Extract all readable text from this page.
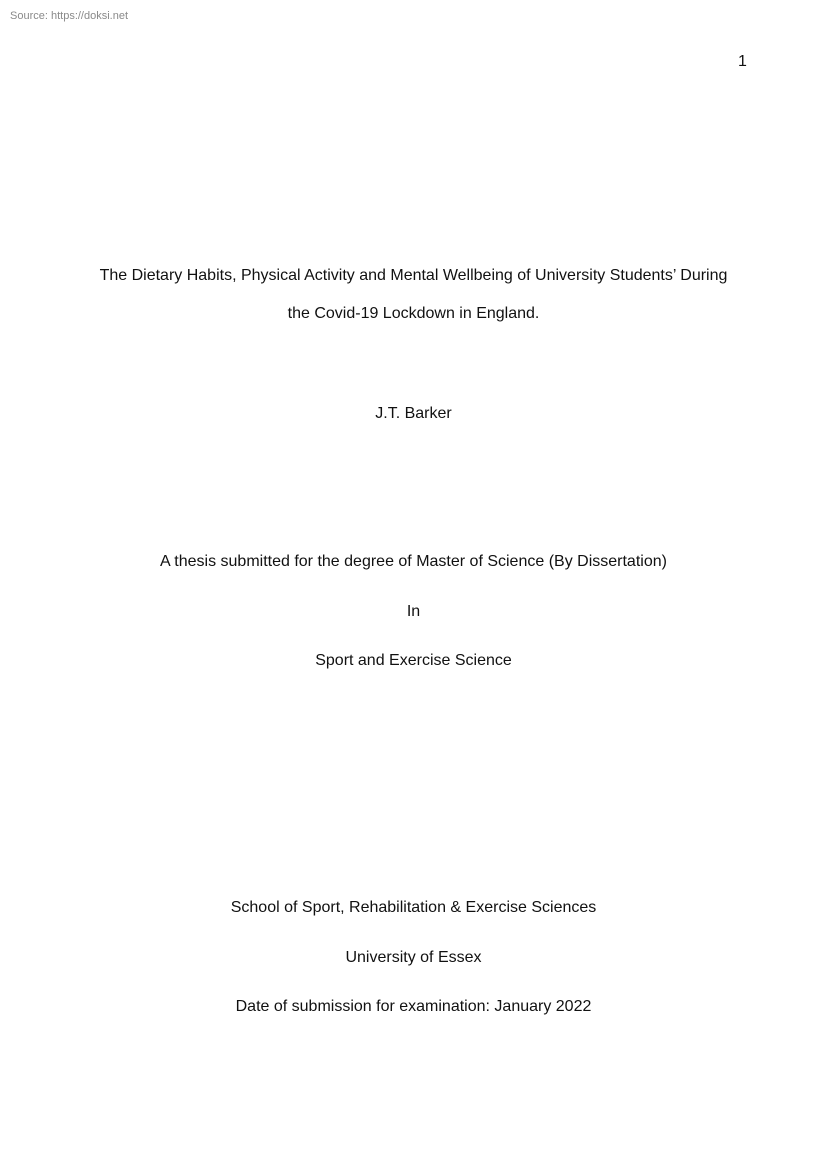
Source: https://doksi.net
1
The Dietary Habits, Physical Activity and Mental Wellbeing of University Students’ During
the Covid-19 Lockdown in England.
J.T. Barker
A thesis submitted for the degree of Master of Science (By Dissertation)
In
Sport and Exercise Science
School of Sport, Rehabilitation & Exercise Sciences
University of Essex
Date of submission for examination: January 2022
